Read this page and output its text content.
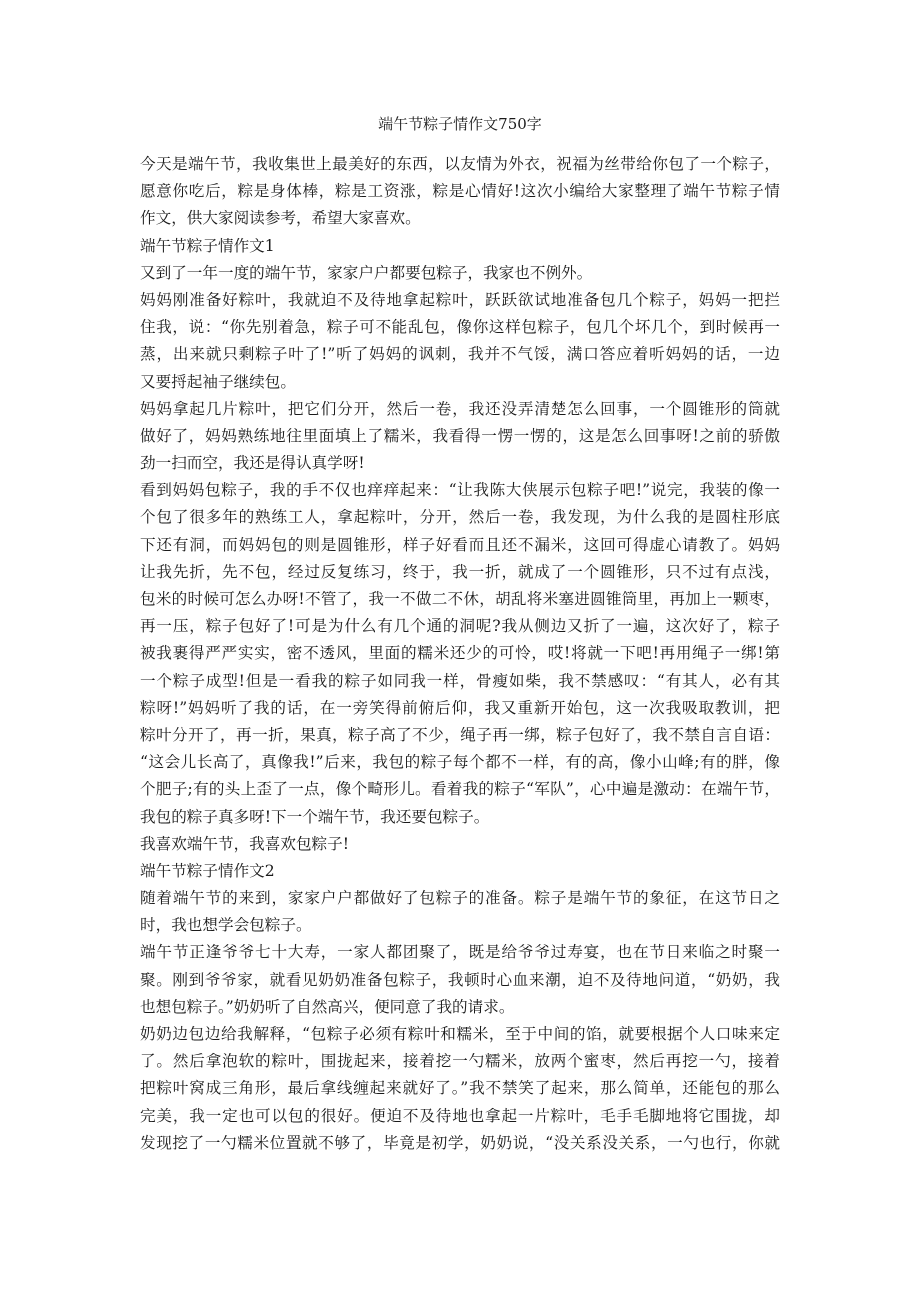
端午节粽子情作文750字
今天是端午节，我收集世上最美好的东西，以友情为外衣，祝福为丝带给你包了一个粽子，
愿意你吃后，粽是身体棒，粽是工资涨，粽是心情好!这次小编给大家整理了端午节粽子情
作文，供大家阅读参考，希望大家喜欢。
端午节粽子情作文1
又到了一年一度的端午节，家家户户都要包粽子，我家也不例外。
妈妈刚准备好粽叶，我就迫不及待地拿起粽叶，跃跃欲试地准备包几个粽子，妈妈一把拦
住我，说：“你先别着急，粽子可不能乱包，像你这样包粽子，包几个坏几个，到时候再一
蒸，出来就只剩粽子叶了!”听了妈妈的讽刺，我并不气馁，满口答应着听妈妈的话，一边
又要捋起袖子继续包。
妈妈拿起几片粽叶，把它们分开，然后一卷，我还没弄清楚怎么回事，一个圆锥形的筒就
做好了，妈妈熟练地往里面填上了糯米，我看得一愣一愣的，这是怎么回事呀!之前的骄傲
劲一扫而空，我还是得认真学呀!
看到妈妈包粽子，我的手不仅也痒痒起来：“让我陈大侠展示包粽子吧!”说完，我装的像一
个包了很多年的熟练工人，拿起粽叶，分开，然后一卷，我发现，为什么我的是圆柱形底
下还有洞，而妈妈包的则是圆锥形，样子好看而且还不漏米，这回可得虚心请教了。妈妈
让我先折，先不包，经过反复练习，终于，我一折，就成了一个圆锥形，只不过有点浅，
包米的时候可怎么办呀!不管了，我一不做二不休，胡乱将米塞进圆锥筒里，再加上一颗枣，
再一压，粽子包好了!可是为什么有几个通的洞呢?我从侧边又折了一遍，这次好了，粽子
被我裹得严严实实，密不透风，里面的糯米还少的可怜，哎!将就一下吧!再用绳子一绑!第
一个粽子成型!但是一看我的粽子如同我一样，骨瘦如柴，我不禁感叹：“有其人，必有其
粽呀!”妈妈听了我的话，在一旁笑得前俯后仰，我又重新开始包，这一次我吸取教训，把
粽叶分开了，再一折，果真，粽子高了不少，绳子再一绑，粽子包好了，我不禁自言自语：
“这会儿长高了，真像我!”后来，我包的粽子每个都不一样，有的高，像小山峰;有的胖，像
个肥子;有的头上歪了一点，像个畸形儿。看着我的粽子“军队”，心中遍是激动：在端午节，
我包的粽子真多呀!下一个端午节，我还要包粽子。
我喜欢端午节，我喜欢包粽子!
端午节粽子情作文2
随着端午节的来到，家家户户都做好了包粽子的准备。粽子是端午节的象征，在这节日之
时，我也想学会包粽子。
端午节正逢爷爷七十大寿，一家人都团聚了，既是给爷爷过寿宴，也在节日来临之时聚一
聚。刚到爷爷家，就看见奶奶准备包粽子，我顿时心血来潮，迫不及待地问道，“奶奶，我
也想包粽子。”奶奶听了自然高兴，便同意了我的请求。
奶奶边包边给我解释，“包粽子必须有粽叶和糯米，至于中间的馅，就要根据个人口味来定
了。然后拿泡软的粽叶，围拢起来，接着挖一勺糯米，放两个蜜枣，然后再挖一勺，接着
把粽叶窝成三角形，最后拿线缠起来就好了。”我不禁笑了起来，那么简单，还能包的那么
完美，我一定也可以包的很好。便迫不及待地也拿起一片粽叶，毛手毛脚地将它围拢，却
发现挖了一勺糯米位置就不够了，毕竟是初学，奶奶说，“没关系没关系，一勺也行，你就
